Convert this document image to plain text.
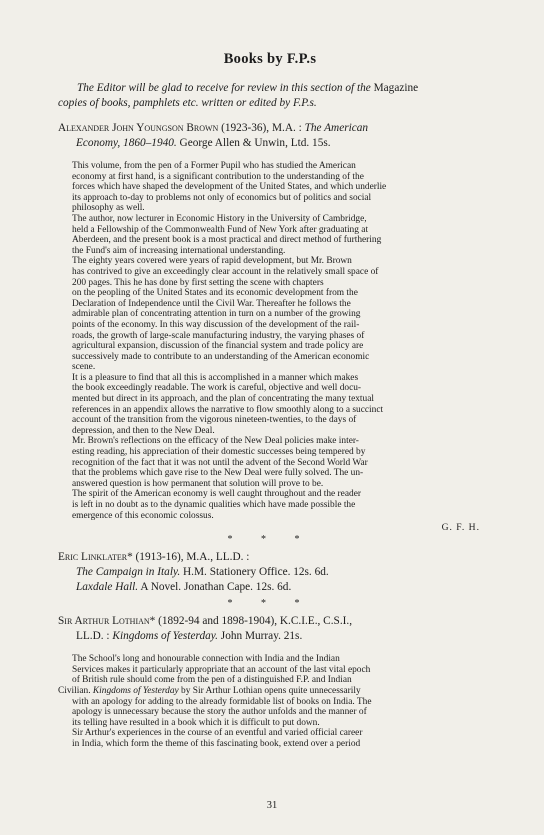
Books by F.P.s
The Editor will be glad to receive for review in this section of the Magazine
copies of books, pamphlets etc. written or edited by F.P.s.
Alexander John Youngson Brown (1923-36), M.A. : The American
Economy, 1860–1940. George Allen & Unwin, Ltd. 15s.
This volume, from the pen of a Former Pupil who has studied the American
economy at first hand, is a significant contribution to the understanding of the
forces which have shaped the development of the United States, and which underlie
its approach to-day to problems not only of economics but of politics and social
philosophy as well.
The author, now lecturer in Economic History in the University of Cambridge,
held a Fellowship of the Commonwealth Fund of New York after graduating at
Aberdeen, and the present book is a most practical and direct method of furthering
the Fund's aim of increasing international understanding.
The eighty years covered were years of rapid development, but Mr. Brown
has contrived to give an exceedingly clear account in the relatively small space of
200 pages. This he has done by first setting the scene with chapters
on the peopling of the United States and its economic development from the
Declaration of Independence until the Civil War. Thereafter he follows the
admirable plan of concentrating attention in turn on a number of the growing
points of the economy. In this way discussion of the development of the rail-
roads, the growth of large-scale manufacturing industry, the varying phases of
agricultural expansion, discussion of the financial system and trade policy are
successively made to contribute to an understanding of the American economic
scene.
It is a pleasure to find that all this is accomplished in a manner which makes
the book exceedingly readable. The work is careful, objective and well docu-
mented but direct in its approach, and the plan of concentrating the many textual
references in an appendix allows the narrative to flow smoothly along to a succinct
account of the transition from the vigorous nineteen-twenties, to the days of
depression, and then to the New Deal.
Mr. Brown's reflections on the efficacy of the New Deal policies make inter-
esting reading, his appreciation of their domestic successes being tempered by
recognition of the fact that it was not until the advent of the Second World War
that the problems which gave rise to the New Deal were fully solved. The un-
answered question is how permanent that solution will prove to be.
The spirit of the American economy is well caught throughout and the reader
is left in no doubt as to the dynamic qualities which have made possible the
emergence of this economic colossus.
G. F. H.
* * *
Eric Linklater* (1913-16), M.A., LL.D. :
The Campaign in Italy. H.M. Stationery Office. 12s. 6d.
Laxdale Hall. A Novel. Jonathan Cape. 12s. 6d.
* * *
Sir Arthur Lothian* (1892-94 and 1898-1904), K.C.I.E., C.S.I.,
LL.D. : Kingdoms of Yesterday. John Murray. 21s.
The School's long and honourable connection with India and the Indian
Services makes it particularly appropriate that an account of the last vital epoch
of British rule should come from the pen of a distinguished F.P. and Indian
Civilian. Kingdoms of Yesterday by Sir Arthur Lothian opens quite unnecessarily
with an apology for adding to the already formidable list of books on India. The
apology is unnecessary because the story the author unfolds and the manner of
its telling have resulted in a book which it is difficult to put down.
Sir Arthur's experiences in the course of an eventful and varied official career
in India, which form the theme of this fascinating book, extend over a period
31
